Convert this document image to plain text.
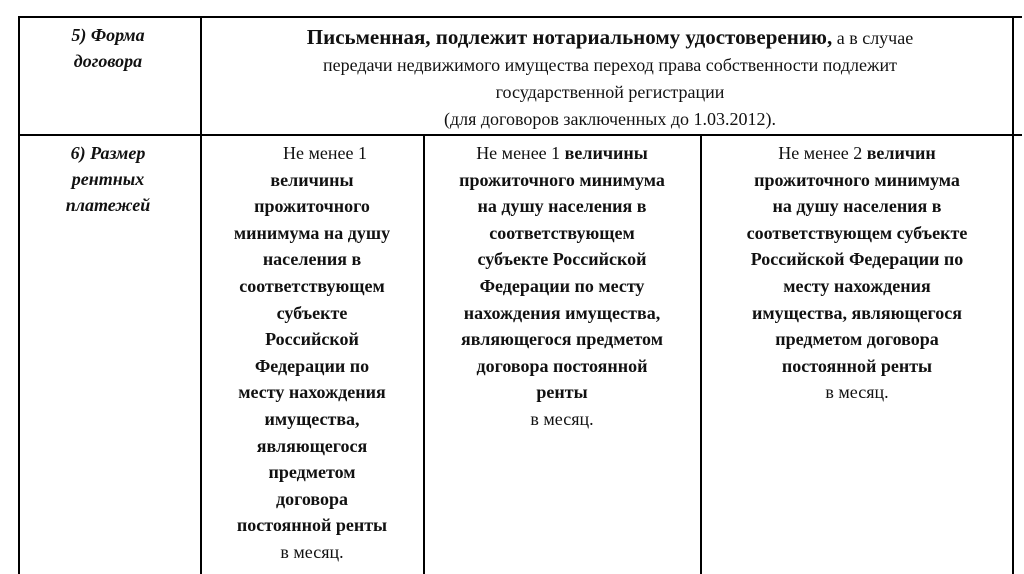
5) Форма
договора
Письменная, подлежит нотариальному удостоверению, а в случае
передачи недвижимого имущества переход права собственности подлежит
государственной регистрации
(для договоров заключенных до 1.03.2012).
6) Размер
рентных
платежей
Не менее 1
величины
прожиточного
минимума на душу
населения в
соответствующем
субъекте
Российской
Федерации по
месту нахождения
имущества,
являющегося
предметом
договора
постоянной ренты
в месяц.
Не менее 1 величины
прожиточного минимума
на душу населения в
соответствующем
субъекте Российской
Федерации по месту
нахождения имущества,
являющегося предметом
договора постоянной
ренты
в месяц.
Не менее 2 величин
прожиточного минимума
на душу населения в
соответствующем субъекте
Российской Федерации по
месту нахождения
имущества, являющегося
предметом договора
постоянной ренты
в месяц.
